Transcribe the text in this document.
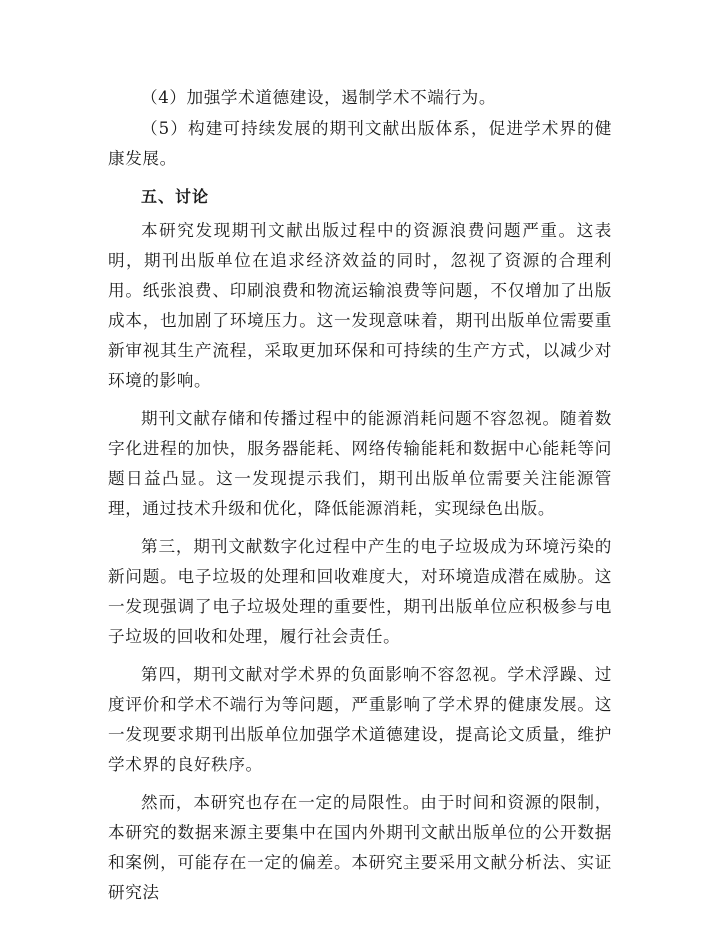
（4）加强学术道德建设，遏制学术不端行为。

（5）构建可持续发展的期刊文献出版体系，促进学术界的健康发展。

五、讨论

本研究发现期刊文献出版过程中的资源浪费问题严重。这表明，期刊出版单位在追求经济效益的同时，忽视了资源的合理利用。纸张浪费、印刷浪费和物流运输浪费等问题，不仅增加了出版成本，也加剧了环境压力。这一发现意味着，期刊出版单位需要重新审视其生产流程，采取更加环保和可持续的生产方式，以减少对环境的影响。

期刊文献存储和传播过程中的能源消耗问题不容忽视。随着数字化进程的加快，服务器能耗、网络传输能耗和数据中心能耗等问题日益凸显。这一发现提示我们，期刊出版单位需要关注能源管理，通过技术升级和优化，降低能源消耗，实现绿色出版。

第三，期刊文献数字化过程中产生的电子垃圾成为环境污染的新问题。电子垃圾的处理和回收难度大，对环境造成潜在威胁。这一发现强调了电子垃圾处理的重要性，期刊出版单位应积极参与电子垃圾的回收和处理，履行社会责任。

第四，期刊文献对学术界的负面影响不容忽视。学术浮躁、过度评价和学术不端行为等问题，严重影响了学术界的健康发展。这一发现要求期刊出版单位加强学术道德建设，提高论文质量，维护学术界的良好秩序。

然而，本研究也存在一定的局限性。由于时间和资源的限制，本研究的数据来源主要集中在国内外期刊文献出版单位的公开数据和案例，可能存在一定的偏差。本研究主要采用文献分析法、实证研究法
